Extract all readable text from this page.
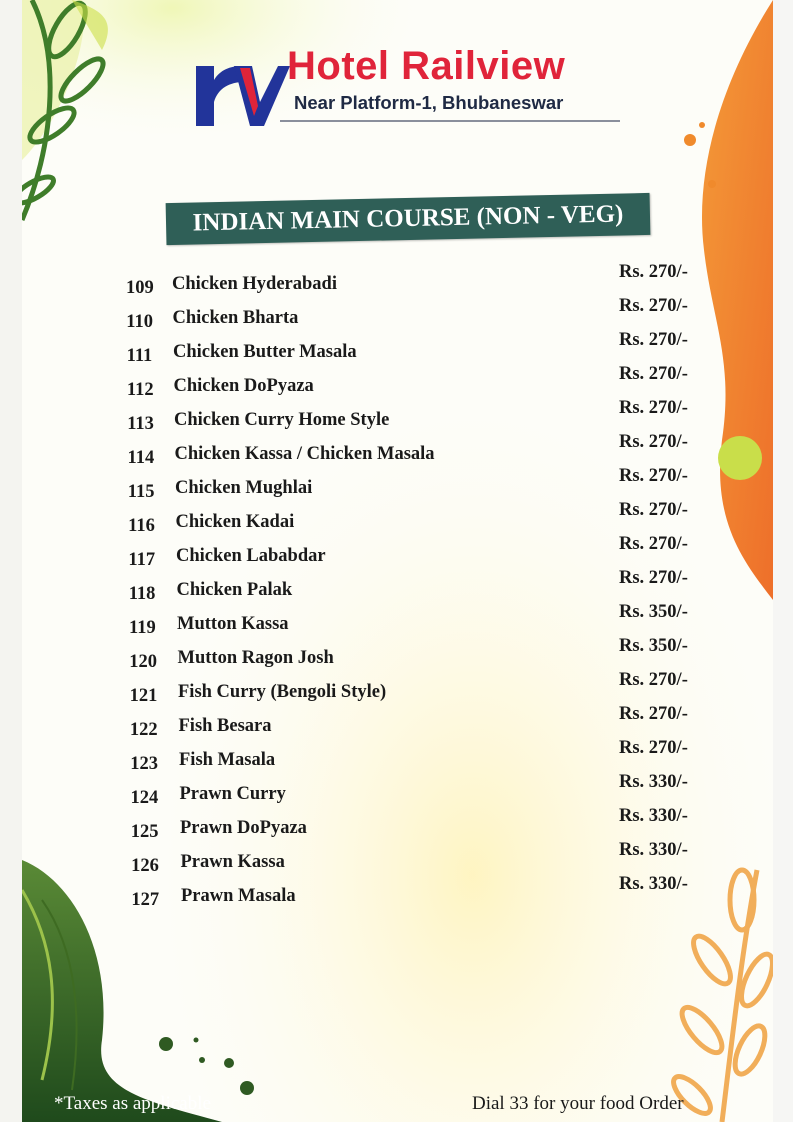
Hotel Railview
Near Platform-1, Bhubaneswar
INDIAN MAIN COURSE (NON - VEG)
109 Chicken Hyderabadi
Rs. 270/-
110 Chicken Bharta
Rs. 270/-
111 Chicken Butter Masala
Rs. 270/-
112 Chicken DoPyaza
Rs. 270/-
113 Chicken Curry Home Style
Rs. 270/-
114 Chicken Kassa / Chicken Masala
Rs. 270/-
115 Chicken Mughlai
Rs. 270/-
116 Chicken Kadai
Rs. 270/-
117 Chicken Lababdar
Rs. 270/-
118 Chicken Palak
Rs. 270/-
119 Mutton Kassa
Rs. 350/-
120 Mutton Ragon Josh
Rs. 350/-
121 Fish Curry (Bengoli Style)
Rs. 270/-
122 Fish Besara
Rs. 270/-
123 Fish Masala
Rs. 270/-
124 Prawn Curry
Rs. 330/-
125 Prawn DoPyaza
Rs. 330/-
126 Prawn Kassa
Rs. 330/-
127 Prawn Masala
Rs. 330/-
*Taxes as applicable	Dial 33 for your food Order
